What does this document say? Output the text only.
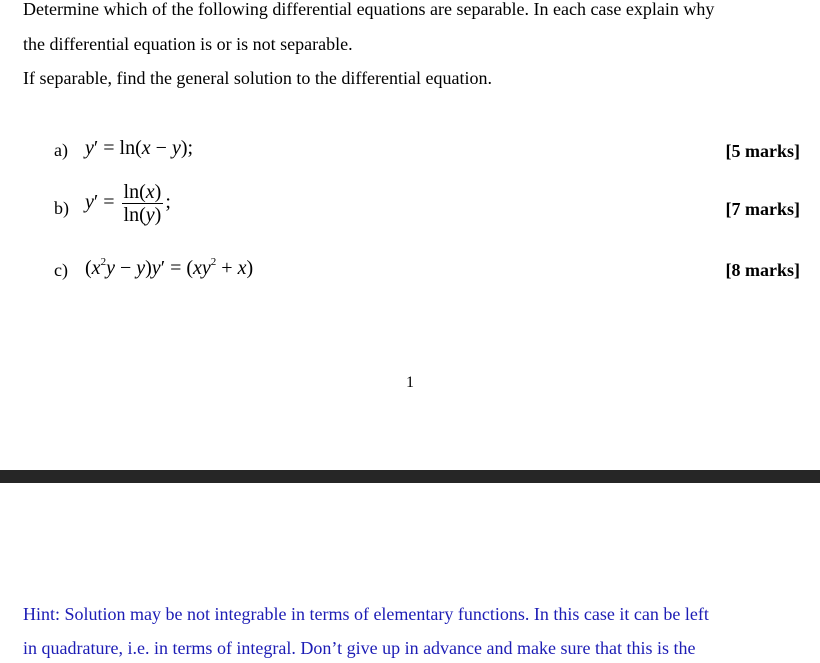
Determine which of the following differential equations are separable. In each case explain why
the differential equation is or is not separable.
If separable, find the general solution to the differential equation.
a) y′ = ln(x − y);	[5 marks]
b) $y' = \frac{\ln(x)}{\ln(y)}$ ;	[7 marks]
c) $(x^2y - y)y' = (xy^2 + x)$	[8 marks]
1
Hint: Solution may be not integrable in terms of elementary functions. In this case it can be left
in quadrature, i.e. in terms of integral. Don’t give up in advance and make sure that this is the
